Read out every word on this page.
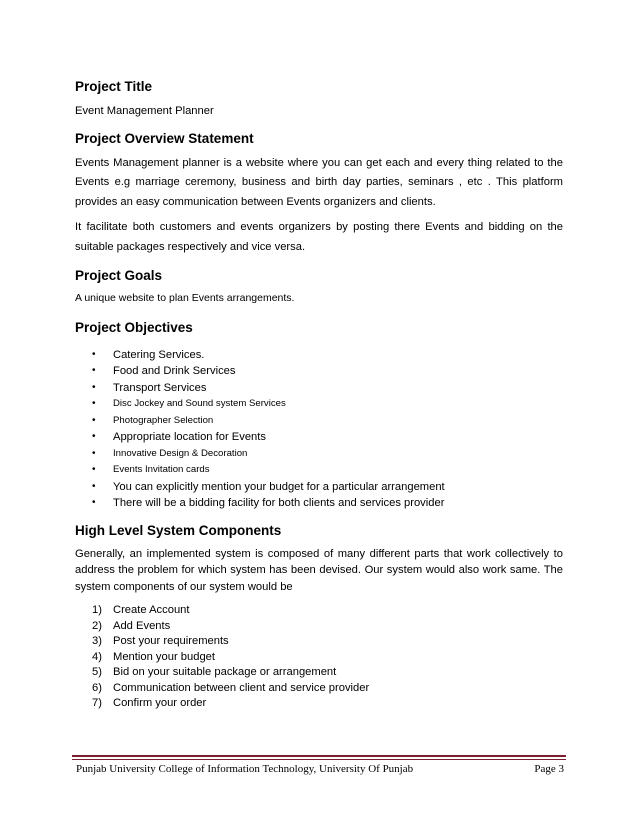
Project Title

Event Management Planner

Project Overview Statement

Events Management planner is a website where you can get each and every thing related to the Events e.g marriage ceremony, business and birth day parties, seminars , etc . This platform provides an easy communication between Events organizers and clients.

It facilitate both customers and events organizers by posting there Events and bidding on the suitable packages respectively and vice versa.

Project Goals

A unique website to plan Events arrangements.

Project Objectives
• Catering Services.
• Food and Drink Services
• Transport Services
• Disc Jockey and Sound system Services
• Photographer Selection
• Appropriate location for Events
• Innovative Design & Decoration
• Events Invitation cards
• You can explicitly mention your budget for a particular arrangement
• There will be a bidding facility for both clients and services provider
High Level System Components

Generally, an implemented system is composed of many different parts that work collectively to address the problem for which system has been devised. Our system would also work same. The system components of our system would be

1) Create Account
2) Add Events
3) Post your requirements
4) Mention your budget
5) Bid on your suitable package or arrangement
6) Communication between client and service provider
7) Confirm your order
Punjab University College of Information Technology, University Of Punjab	Page 3
